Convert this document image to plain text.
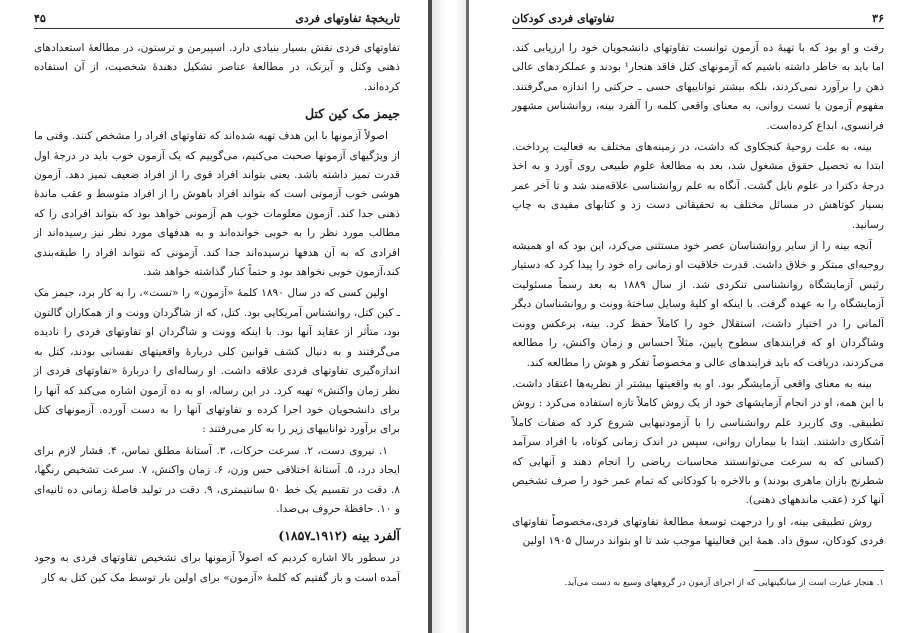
تاریخچهٔ تفاوتهای فردی
۴۵

تفاوتهای فردی نقش بسیار بنیادی دارد. اسپیرمن و ترستون، در مطالعهٔ استعدادهای ذهنی وکتل و آیزنک، در مطالعهٔ عناصر تشکیل دهندهٔ شخصیت، از آن استفاده کرده‌اند.

جیمز مک کین کتل

اصولاً آزمونها با این هدف تهیه شده‌اند که تفاوتهای افراد را مشخص کنند. وقتی ما از ویژگیهای آزمونها صحبت می‌کنیم، می‌گوییم که یک آزمون خوب باید در درجهٔ اول قدرت تمیز داشته باشد. یعنی بتواند افراد قوی را از افراد ضعیف تمیز دهد. آزمون هوشی خوب آزمونی است که بتواند افراد باهوش را از افراد متوسط و عقب ماندهٔ ذهنی جدا کند. آزمون معلومات خوب هم آزمونی خواهد بود که بتواند افرادی را که مطالب مورد نظر را به خوبی خوانده‌اند و به هدفهای مورد نظر نیز رسیده‌اند از افرادی که به آن هدفها نرسیده‌اند جدا کند. آزمونی که نتواند افراد را طبقه‌بندی کند،آزمون خوبی نخواهد بود و حتماً کنار گذاشته خواهد شد.

اولین کسی که در سال ۱۸۹۰ کلمهٔ «آزمون» را «تست»، را به کار برد، جیمز مک ـ کین کتل، روانشناس آمریکایی بود. کتل، که از شاگردان وونت و از همکاران گالتون بود، متأثر از عقاید آنها بود. با اینکه وونت و شاگردان او تفاوتهای فردی را نادیده می‌گرفتند و به دنبال کشف قوانین کلی دربارهٔ واقعیتهای نفسانی بودند، کتل به اندازه‌گیری تفاوتهای فردی علاقه داشت. او رساله‌ای را دربارهٔ «تفاوتهای فردی از نظر زمان واکنش» تهیه کرد. در این رساله، او به ده آزمون اشاره می‌کند که آنها را برای دانشجویان خود اجرا کرده و تفاوتهای آنها را به دست آورده. آزمونهای کتل برای برآورد تواناییهای زیر را به کار می‌رفتند :

۱. نیروی دست، ۲. سرعت حرکات، ۳. آستانهٔ مطلق تماس، ۴. فشار لازم برای ایجاد درد، ۵. آستانهٔ اختلافی حس وزن، ۶. زمان واکنش، ۷. سرعت تشخیص رنگها، ۸. دقت در تقسیم یک خط ۵۰ سانتیمتری، ۹. دقت در تولید فاصلهٔ زمانی ده ثانیه‌ای و ۱۰. حافظهٔ حروف بی‌صدا.

آلفرد بینه (۱۹۱۲ـ۱۸۵۷)

در سطور بالا اشاره کردیم که اصولاً آزمونها برای تشخیص تفاوتهای فردی به وجود آمده است و باز گفتیم که کلمهٔ «آزمون» برای اولین بار توسط مک کین کتل به کار

۳۶
تفاوتهای فردی کودکان

رفت و او بود که با تهیهٔ ده آزمون توانست تفاوتهای دانشجویان خود را ارزیابی کند. اما باید به خاطر داشته باشیم که آزمونهای کتل فاقد هنجار¹ بودند و عملکردهای عالی ذهن را برآورد نمی‌کردند، بلکه بیشتر تواناییهای حسی ـ حرکتی را اندازه می‌گرفتند. مفهوم آزمون یا تست روانی، به معنای واقعی کلمه را آلفرد بینه، روانشناس مشهور فرانسوی، ابداع کرده‌است.

بینه، به علت روحیهٔ کنجکاوی که داشت، در زمینه‌های مختلف به فعالیت پرداخت. ابتدا به تحصیل حقوق مشغول شد، بعد به مطالعهٔ علوم طبیعی روی آورد و به اخذ درجهٔ دکترا در علوم نایل گشت. آنگاه به علم روانشناسی علاقه‌مند شد و تا آخر عمر بسیار کوتاهش در مسائل مختلف به تحقیقاتی دست زد و کتابهای مفیدی به چاپ رسانید.

آنچه بینه را از سایر روانشناسان عصر خود مستثنی می‌کرد، این بود که او همیشه روحیه‌ای مبتکر و خلاق داشت. قدرت خلاقیت او زمانی راه خود را پیدا کرد که دستیار رئیس آزمایشگاه روانشناسی تنکردی شد. از سال ۱۸۸۹ به بعد رسماً مسئولیت آزمایشگاه را به عهده گرفت. با اینکه او کلیهٔ وسایل ساختهٔ وونت و روانشناسان دیگر آلمانی را در اختیار داشت، استقلال خود را کاملاً حفظ کرد. بینه، برعکس وونت وشاگردان او که فرایندهای سطوح پایین، مثلاً احساس و زمان واکنش، را مطالعه می‌کردند، دریافت که باید فرایندهای عالی و مخصوصاً تفکر و هوش را مطالعه کند.

بینه به معنای واقعی آزمایشگر بود. او به واقعیتها بیشتر از نظریه‌ها اعتقاد داشت. با این همه، او در انجام آزمایشهای خود از یک روش کاملاً تازه استفاده می‌کرد : روش تطبیقی. وی کاربرد علم روانشناسی را با آزمودنیهایی شروع کرد که صفات کاملاً آشکاری داشتند. ابتدا با بیماران روانی، سپس در اندک زمانی کوتاه، با افراد سرآمد (کسانی که به سرعت می‌توانستند محاسبات ریاضی را انجام دهند و آنهایی که شطرنج بازان ماهری بودند) و بالاخره با کودکانی که تمام عمر خود را صرف تشخیص آنها کرد (عقب ماندههای ذهنی).

روش تطبیقی بینه، او را درجهت توسعهٔ مطالعهٔ تفاوتهای فردی،مخصوصاً تفاوتهای فردی کودکان، سوق داد. همهٔ این فعالیتها موجب شد تا او بتواند درسال ۱۹۰۵ اولین

۱. هنجار عبارت است از میانگینهایی که از اجرای آزمون در گروههای وسیع به دست می‌آید.
